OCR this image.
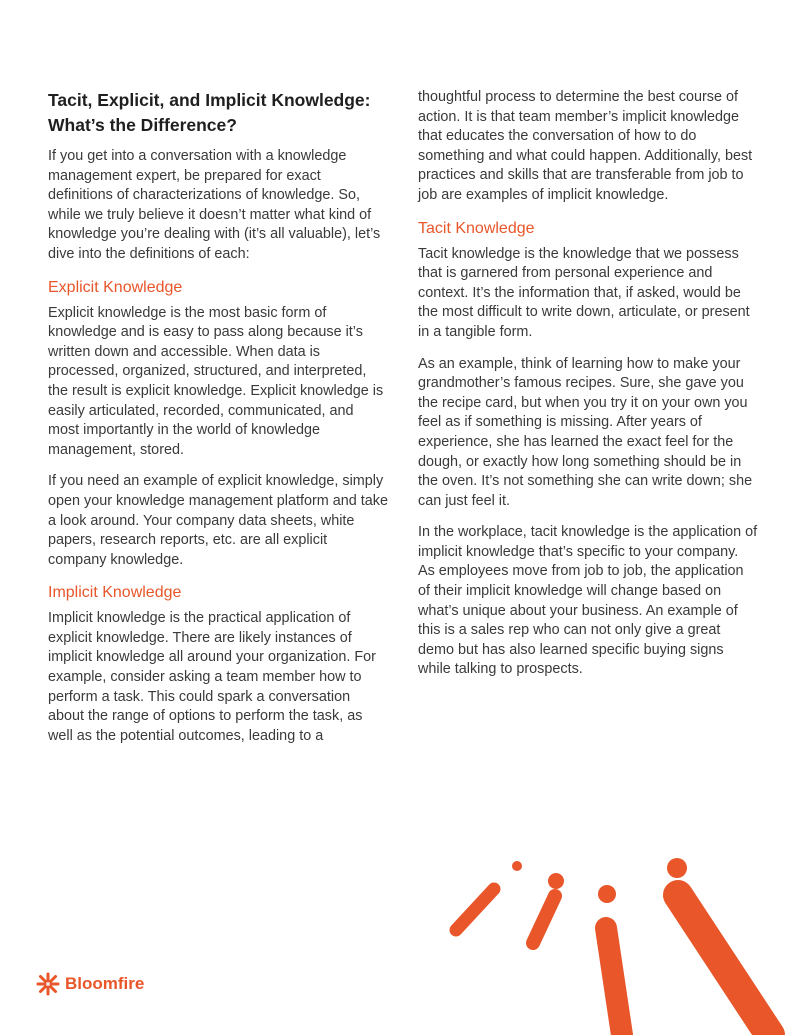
Tacit, Explicit, and Implicit Knowledge:
What’s the Difference?

If you get into a conversation with a knowledge management expert, be prepared for exact definitions of characterizations of knowledge. So, while we truly believe it doesn’t matter what kind of knowledge you’re dealing with (it’s all valuable), let’s dive into the definitions of each:

Explicit Knowledge

Explicit knowledge is the most basic form of knowledge and is easy to pass along because it’s written down and accessible. When data is processed, organized, structured, and interpreted, the result is explicit knowledge. Explicit knowledge is easily articulated, recorded, communicated, and most importantly in the world of knowledge management, stored.

If you need an example of explicit knowledge, simply open your knowledge management platform and take a look around. Your company data sheets, white papers, research reports, etc. are all explicit company knowledge.

Implicit Knowledge

Implicit knowledge is the practical application of explicit knowledge. There are likely instances of implicit knowledge all around your organization. For example, consider asking a team member how to perform a task. This could spark a conversation about the range of options to perform the task, as well as the potential outcomes, leading to a

thoughtful process to determine the best course of action. It is that team member’s implicit knowledge that educates the conversation of how to do something and what could happen. Additionally, best practices and skills that are transferable from job to job are examples of implicit knowledge.

Tacit Knowledge

Tacit knowledge is the knowledge that we possess that is garnered from personal experience and context. It’s the information that, if asked, would be the most difficult to write down, articulate, or present in a tangible form.

As an example, think of learning how to make your grandmother’s famous recipes. Sure, she gave you the recipe card, but when you try it on your own you feel as if something is missing. After years of experience, she has learned the exact feel for the dough, or exactly how long something should be in the oven. It’s not something she can write down; she can just feel it.

In the workplace, tacit knowledge is the application of implicit knowledge that’s specific to your company. As employees move from job to job, the application of their implicit knowledge will change based on what’s unique about your business. An example of this is a sales rep who can not only give a great demo but has also learned specific buying signs while talking to prospects.

Bloomfire
